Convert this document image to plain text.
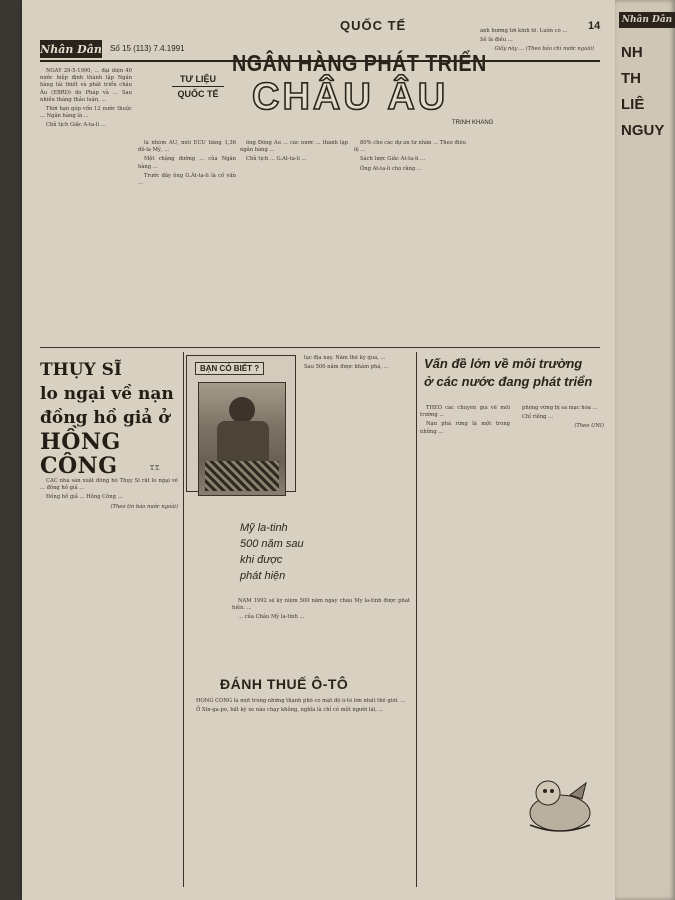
QUỐC TẾ	14
Nhân Dân Số 15 (113) 7.4.1991
TƯ LIỆU
QUỐC TẾ
NGÂN HÀNG PHÁT TRIỂN
CHÂU ÂU
TRINH KHANG

NGÀY 29-5-1990, ... đại diện 40 nước hiệp định thành lập Ngân hàng tái thiết và phát triển châu Âu (EBRD) do Pháp và ... Sau nhiều tháng thảo luận, ...

Thời hạn góp vốn 12 nước thuộc ... Ngân hàng là ...

Chủ tịch Giắc A-ta-li ...

là nhóm ÂU, mỗi ECU bằng 1,36 đô-la Mỹ, ...

Một chặng đường ... của Ngân hàng ...

Trước đây ông G.Át-ta-li là cố vấn ...

ông Đông Âu ... các nước ... thành lập ngân hàng ...

Chủ tịch ... G.At-ta-li ...

80% cho các dự án tư nhân ... Theo điều lệ ...

Sách lược Giắc At-ta-li ...

Ông At-ta-li cho rằng ...

ảnh hưởng tới kinh tế. Luôn có ...

Sẽ là điều ...

Giấy này ... (Theo báo chí nước ngoài)

THỤY SĨ
lo ngại về nạn
đồng hồ giả ở
HỒNG CÔNG	T.T.

CÁC nhà sản xuất đồng hồ Thụy Sĩ rất lo ngại về ... đồng hồ giả ...

Đồng hồ giả ... Hồng Công ...

(Theo tin báo nước ngoài)

BẠN CÓ BIẾT ?

lục địa này. Năm thế kỷ qua, ...

Sau 500 năm được khám phá, ...

Mỹ la-tinh
500 năm sau
khi được
phát hiện

NĂM 1992 sẽ kỷ niệm 500 năm ngày châu Mỹ la-tinh được phát hiện. ...

... của Châu Mỹ la-tinh ...

ĐÁNH THUẾ Ô-TÔ

HỒNG CÔNG là một trong những thành phố có mật độ ô-tô lớn nhất thế giới. ...

Ở Xin-ga-po, bất kỳ xe nào chạy không, nghĩa là chỉ có một người lái, ...

Vấn đề lớn về môi trường
ở các nước đang phát triển

THEO các chuyên gia về môi trường ...

Nạn phá rừng là một trong những ...

phòng vững bị sa mạc hóa ...

Chỉ riêng ...

(Theo UNI)

Nhân Dân
NH
TH
LIÊ
NGUY
